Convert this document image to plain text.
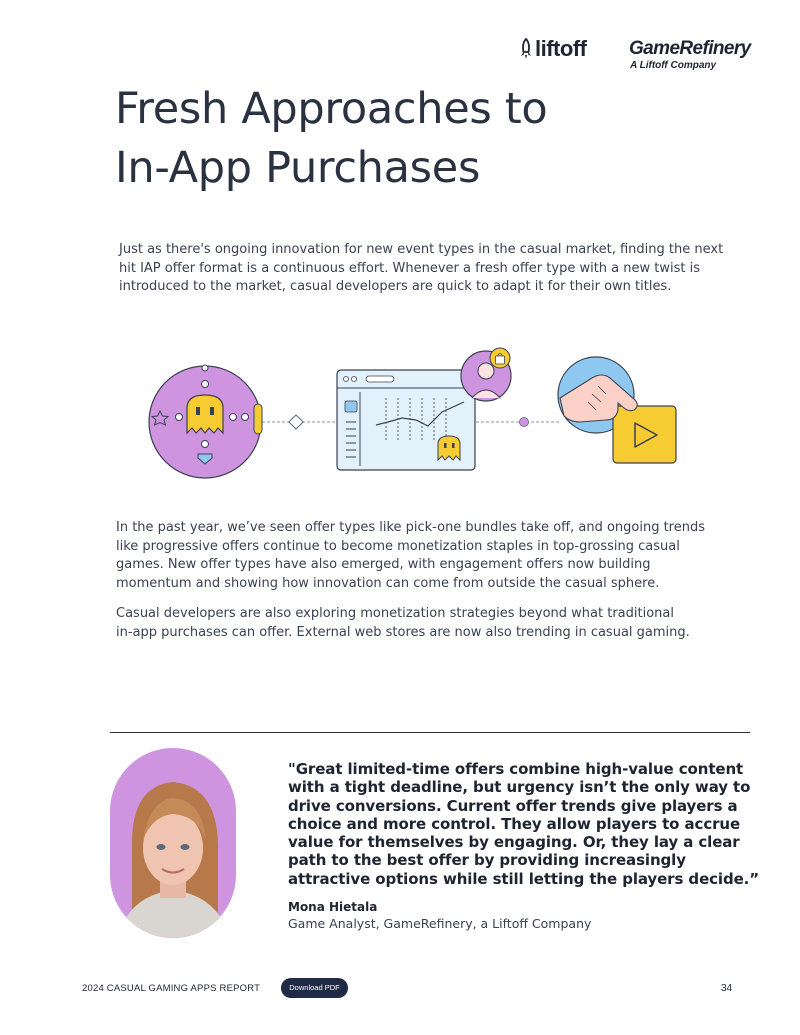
liftoff GameRefinery
A Liftoff Company
Fresh Approaches to
In-App Purchases
Just as there's ongoing innovation for new event types in the casual market, finding the next
hit IAP offer format is a continuous effort. Whenever a fresh offer type with a new twist is
introduced to the market, casual developers are quick to adapt it for their own titles.
In the past year, we’ve seen offer types like pick-one bundles take off, and ongoing trends
like progressive offers continue to become monetization staples in top-grossing casual
games. New offer types have also emerged, with engagement offers now building
momentum and showing how innovation can come from outside the casual sphere.
Casual developers are also exploring monetization strategies beyond what traditional
in-app purchases can offer. External web stores are now also trending in casual gaming.
"Great limited-time offers combine high-value content
with a tight deadline, but urgency isn’t the only way to
drive conversions. Current offer trends give players a
choice and more control. They allow players to accrue
value for themselves by engaging. Or, they lay a clear
path to the best offer by providing increasingly
attractive options while still letting the players decide.”
Mona Hietala
Game Analyst, GameRefinery, a Liftoff Company
2024 CASUAL GAMING APPS REPORT	Download PDF	34
